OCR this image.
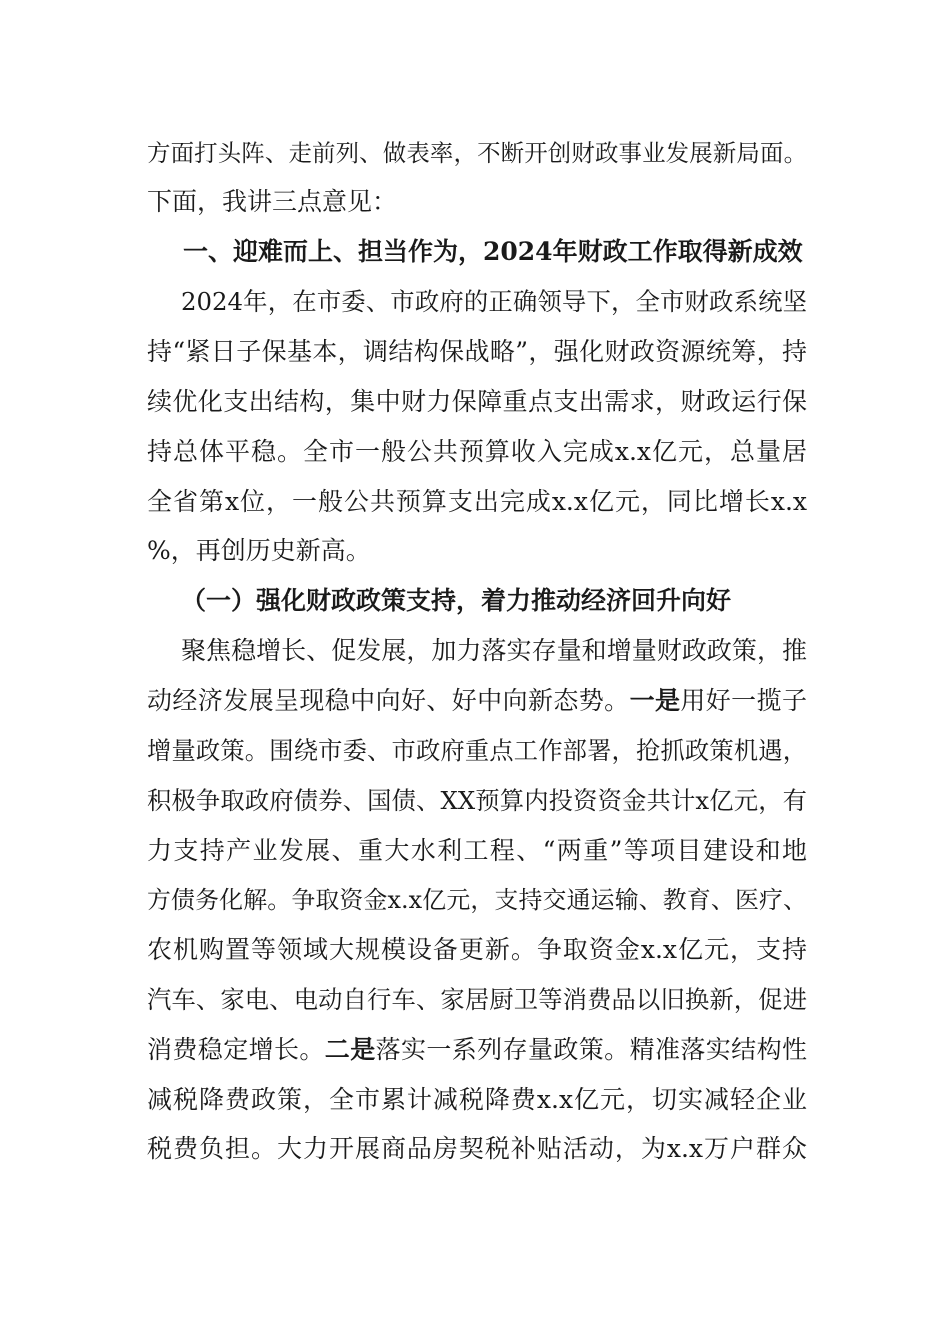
方面打头阵、走前列、做表率，不断开创财政事业发展新局面。
下面，我讲三点意见：
一、迎难而上、担当作为，2024年财政工作取得新成效
2024年，在市委、市政府的正确领导下，全市财政系统坚
持“紧日子保基本，调结构保战略”，强化财政资源统筹，持
续优化支出结构，集中财力保障重点支出需求，财政运行保
持总体平稳。全市一般公共预算收入完成x.x亿元，总量居
全省第x位，一般公共预算支出完成x.x亿元，同比增长x.x
%，再创历史新高。
（一）强化财政政策支持，着力推动经济回升向好
聚焦稳增长、促发展，加力落实存量和增量财政政策，推
动经济发展呈现稳中向好、好中向新态势。一是用好一揽子
增量政策。围绕市委、市政府重点工作部署，抢抓政策机遇，
积极争取政府债券、国债、XX预算内投资资金共计x亿元，有
力支持产业发展、重大水利工程、“两重”等项目建设和地
方债务化解。争取资金x.x亿元，支持交通运输、教育、医疗、
农机购置等领域大规模设备更新。争取资金x.x亿元，支持
汽车、家电、电动自行车、家居厨卫等消费品以旧换新，促进
消费稳定增长。二是落实一系列存量政策。精准落实结构性
减税降费政策，全市累计减税降费x.x亿元，切实减轻企业
税费负担。大力开展商品房契税补贴活动，为x.x万户群众
